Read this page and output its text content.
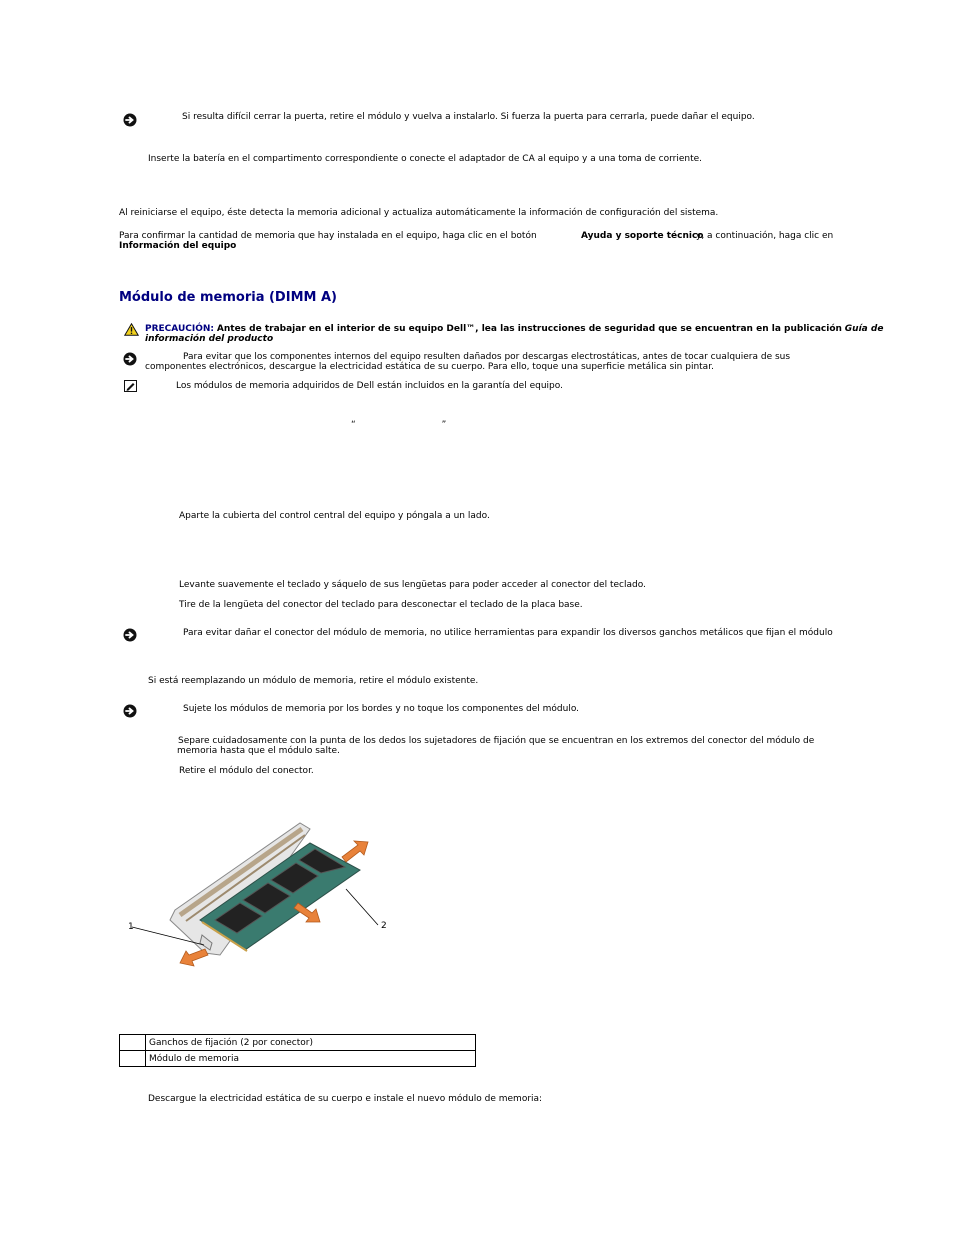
Si resulta difícil cerrar la puerta, retire el módulo y vuelva a instalarlo. Si fuerza la puerta para cerrarla, puede dañar el equipo.
Inserte la batería en el compartimento correspondiente o conecte el adaptador de CA al equipo y a una toma de corriente.
Al reiniciarse el equipo, éste detecta la memoria adicional y actualiza automáticamente la información de configuración del sistema.
Para confirmar la cantidad de memoria que hay instalada en el equipo, haga clic en el botón	Ayuda y soporte técnico
y, a continuación, haga clic en
Información del equipo
Módulo de memoria (DIMM A)
PRECAUCIÓN: Antes de trabajar en el interior de su equipo Dell™, lea las instrucciones de seguridad que se encuentran en la publicación Guía de
información del producto
Para evitar que los componentes internos del equipo resulten dañados por descargas electrostáticas, antes de tocar cualquiera de sus
componentes electrónicos, descargue la electricidad estática de su cuerpo. Para ello, toque una superficie metálica sin pintar.
Los módulos de memoria adquiridos de Dell están incluidos en la garantía del equipo.
“	”
Aparte la cubierta del control central del equipo y póngala a un lado.
Levante suavemente el teclado y sáquelo de sus lengüetas para poder acceder al conector del teclado.
Tire de la lengüeta del conector del teclado para desconectar el teclado de la placa base.
Para evitar dañar el conector del módulo de memoria, no utilice herramientas para expandir los diversos ganchos metálicos que fijan el módulo
Si está reemplazando un módulo de memoria, retire el módulo existente.
Sujete los módulos de memoria por los bordes y no toque los componentes del módulo.
Separe cuidadosamente con la punta de los dedos los sujetadores de fijación que se encuentran en los extremos del conector del módulo de
memoria hasta que el módulo salte.
Retire el módulo del conector.
1	2
	Ganchos de fijación (2 por conector)
	Módulo de memoria
Descargue la electricidad estática de su cuerpo e instale el nuevo módulo de memoria:
